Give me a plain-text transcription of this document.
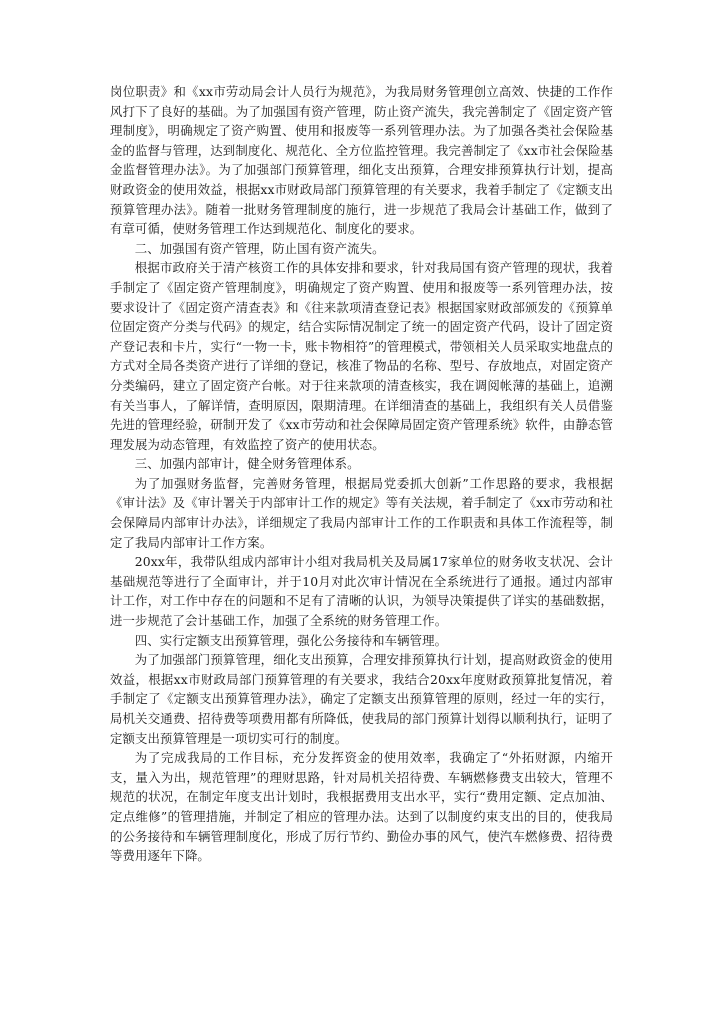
岗位职责》和《xx市劳动局会计人员行为规范》，为我局财务管理创立高效、快捷的工作作风打下了良好的基础。为了加强国有资产管理，防止资产流失，我完善制定了《固定资产管理制度》，明确规定了资产购置、使用和报废等一系列管理办法。为了加强各类社会保险基金的监督与管理，达到制度化、规范化、全方位监控管理。我完善制定了《xx市社会保险基金监督管理办法》。为了加强部门预算管理，细化支出预算，合理安排预算执行计划，提高财政资金的使用效益，根据xx市财政局部门预算管理的有关要求，我着手制定了《定额支出预算管理办法》。随着一批财务管理制度的施行，进一步规范了我局会计基础工作，做到了有章可循，使财务管理工作达到规范化、制度化的要求。

二、加强国有资产管理，防止国有资产流失。

根据市政府关于清产核资工作的具体安排和要求，针对我局国有资产管理的现状，我着手制定了《固定资产管理制度》，明确规定了资产购置、使用和报废等一系列管理办法，按要求设计了《固定资产清查表》和《往来款项清查登记表》根据国家财政部颁发的《预算单位固定资产分类与代码》的规定，结合实际情况制定了统一的固定资产代码，设计了固定资产登记表和卡片，实行“一物一卡，账卡物相符”的管理模式，带领相关人员采取实地盘点的方式对全局各类资产进行了详细的登记，核准了物品的名称、型号、存放地点，对固定资产分类编码，建立了固定资产台帐。对于往来款项的清查核实，我在调阅帐薄的基础上，追溯有关当事人，了解详情，查明原因，限期清理。在详细清查的基础上，我组织有关人员借鉴先进的管理经验，研制开发了《xx市劳动和社会保障局固定资产管理系统》软件，由静态管理发展为动态管理，有效监控了资产的使用状态。

三、加强内部审计，健全财务管理体系。

为了加强财务监督，完善财务管理，根据局党委抓大创新”工作思路的要求，我根据《审计法》及《审计署关于内部审计工作的规定》等有关法规，着手制定了《xx市劳动和社会保障局内部审计办法》，详细规定了我局内部审计工作的工作职责和具体工作流程等，制定了我局内部审计工作方案。

20xx年，我带队组成内部审计小组对我局机关及局属17家单位的财务收支状况、会计基础规范等进行了全面审计，并于10月对此次审计情况在全系统进行了通报。通过内部审计工作，对工作中存在的问题和不足有了清晰的认识，为领导决策提供了详实的基础数据，进一步规范了会计基础工作，加强了全系统的财务管理工作。

四、实行定额支出预算管理，强化公务接待和车辆管理。

为了加强部门预算管理，细化支出预算，合理安排预算执行计划，提高财政资金的使用效益，根据xx市财政局部门预算管理的有关要求，我结合20xx年度财政预算批复情况，着手制定了《定额支出预算管理办法》，确定了定额支出预算管理的原则，经过一年的实行，局机关交通费、招待费等项费用都有所降低，使我局的部门预算计划得以顺利执行，证明了定额支出预算管理是一项切实可行的制度。

为了完成我局的工作目标，充分发挥资金的使用效率，我确定了“外拓财源，内缩开支，量入为出，规范管理”的理财思路，针对局机关招待费、车辆燃修费支出较大，管理不规范的状况，在制定年度支出计划时，我根据费用支出水平，实行“费用定额、定点加油、定点维修”的管理措施，并制定了相应的管理办法。达到了以制度约束支出的目的，使我局的公务接待和车辆管理制度化，形成了厉行节约、勤俭办事的风气，使汽车燃修费、招待费等费用逐年下降。
